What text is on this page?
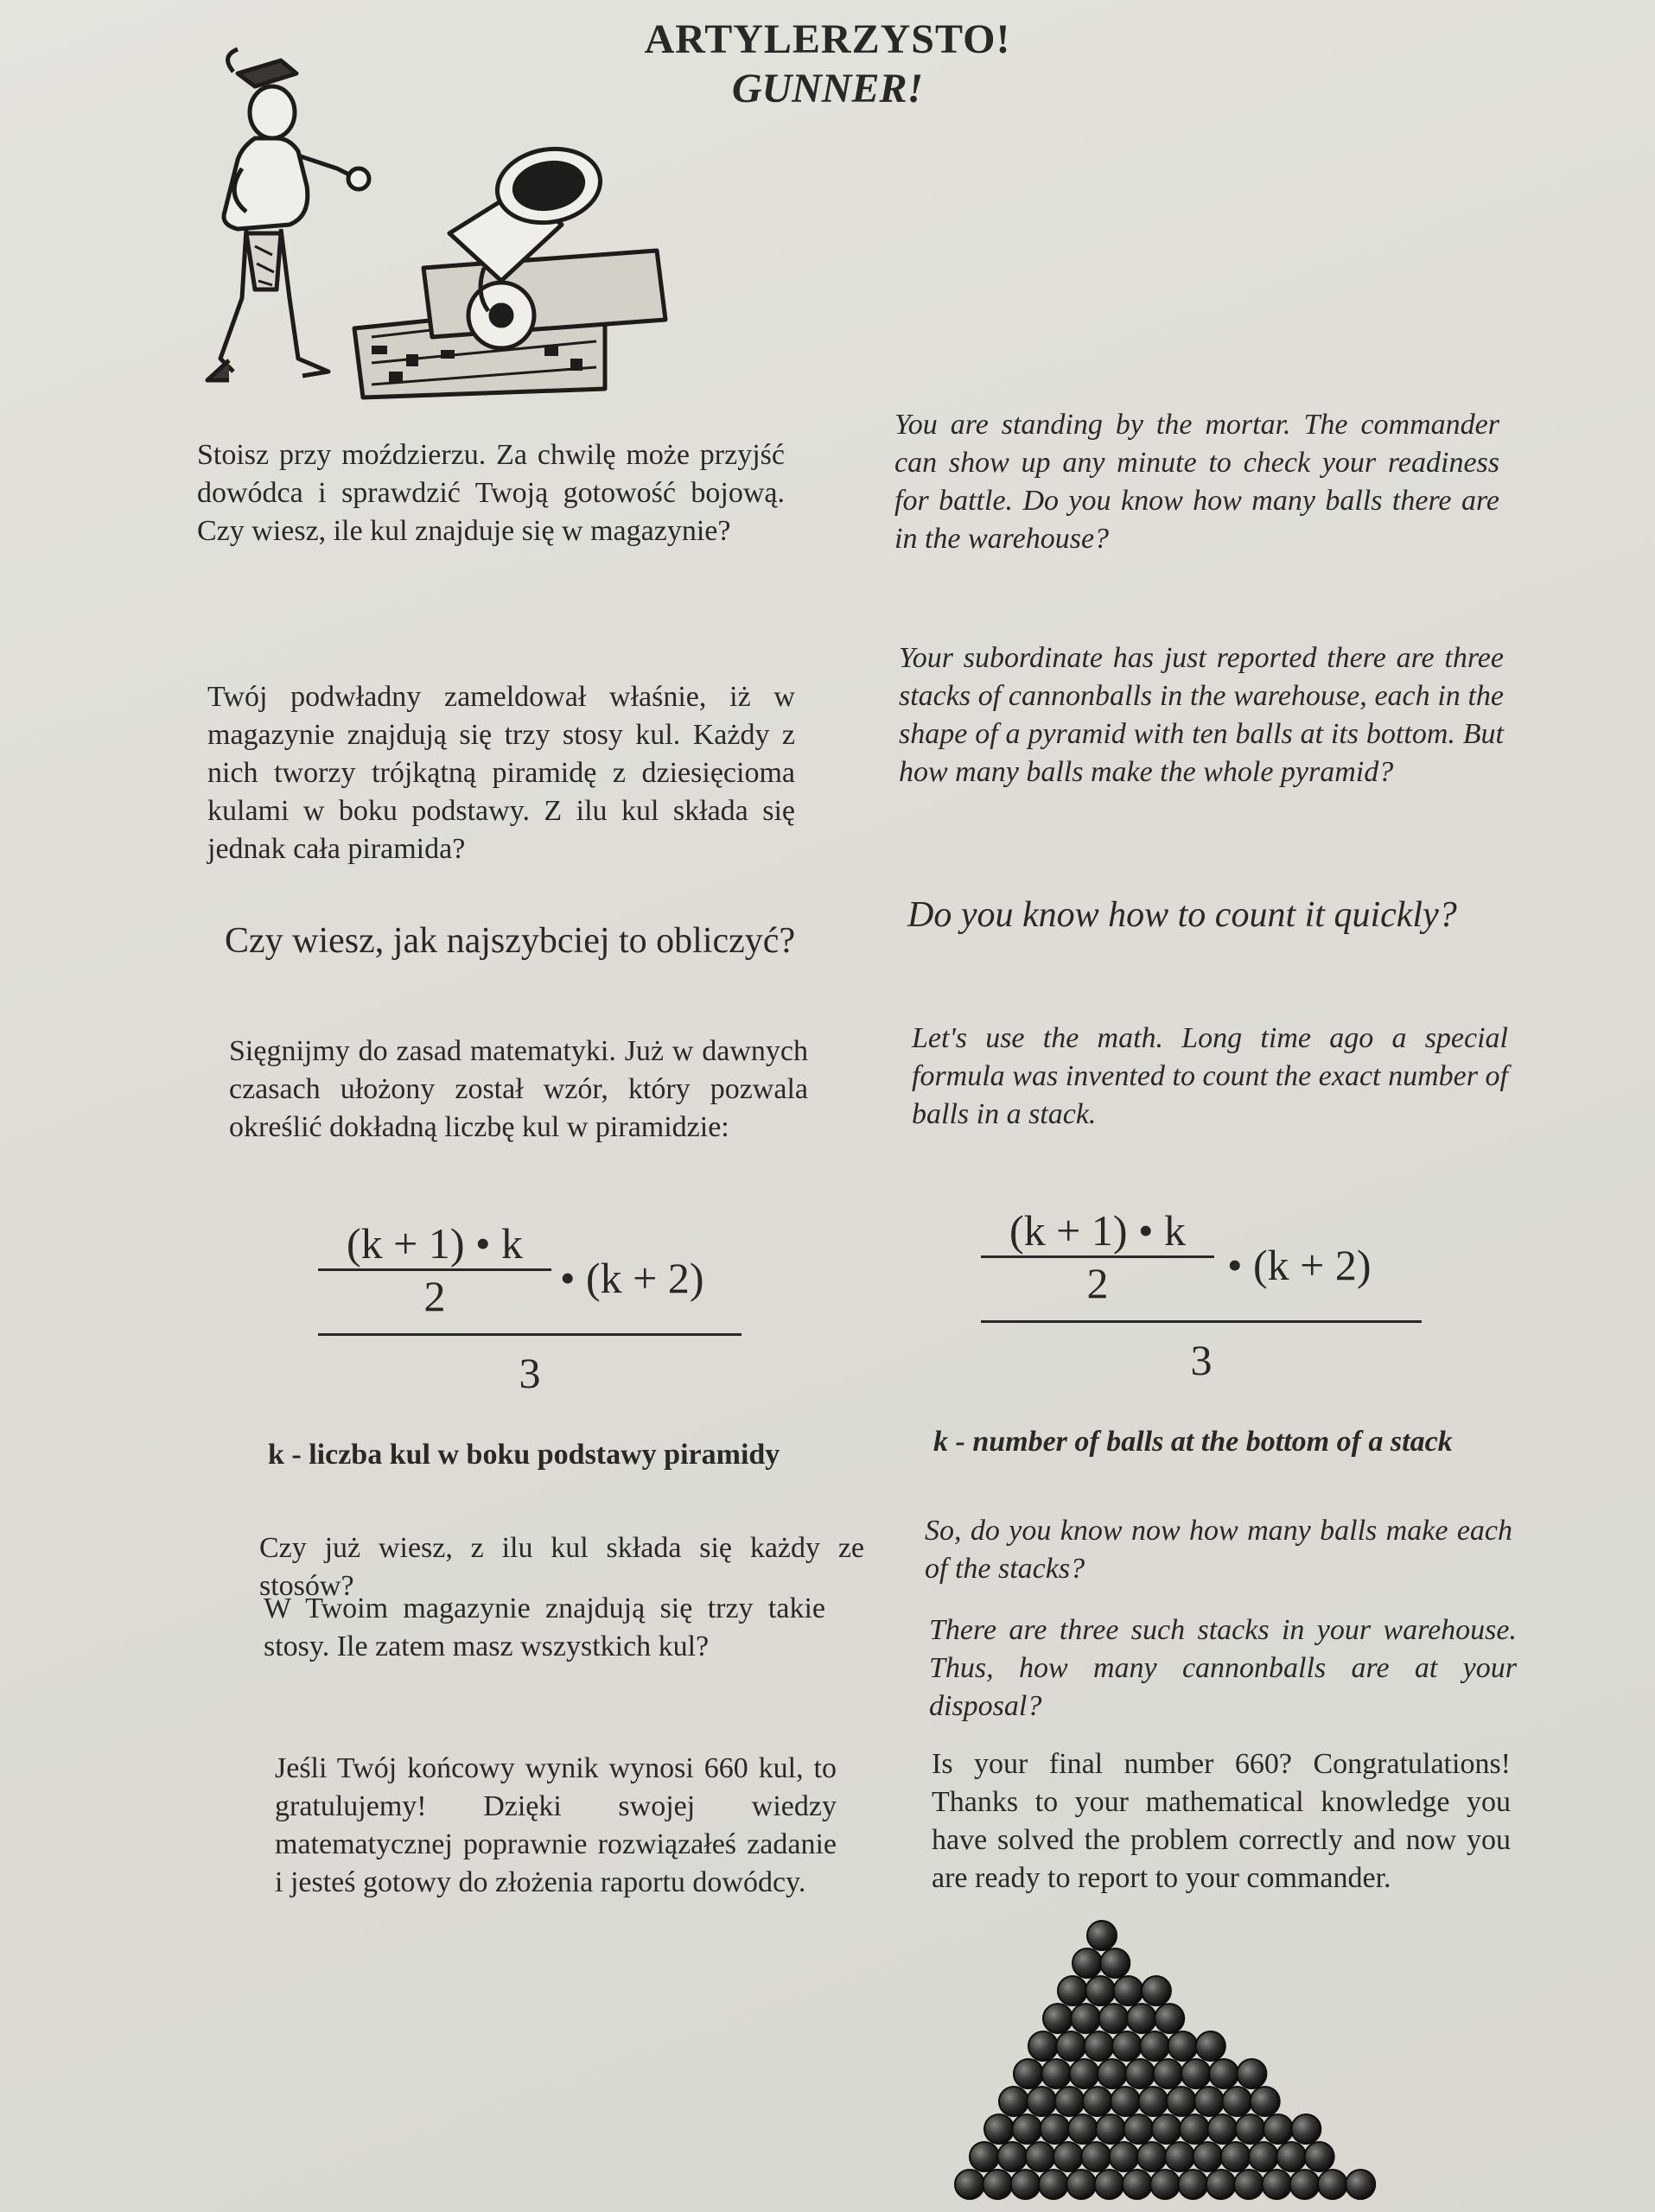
ARTYLERZYSTO!
GUNNER!
Stoisz przy moździerzu. Za chwilę może przyjść dowódca i sprawdzić Twoją gotowość bojową. Czy wiesz, ile kul znajduje się w magazynie?
Twój podwładny zameldował właśnie, iż w magazynie znajdują się trzy stosy kul. Każdy z nich tworzy trójkątną piramidę z dziesięcioma kulami w boku podstawy. Z ilu kul składa się jednak cała piramida?
Czy wiesz, jak najszybciej to obliczyć?
Sięgnijmy do zasad matematyki. Już w dawnych czasach ułożony został wzór, który pozwala określić dokładną liczbę kul w piramidzie:
(k + 1) • k
2	• (k + 2)
3
k - liczba kul w boku podstawy piramidy
Czy już wiesz, z ilu kul składa się każdy ze stosów?
W Twoim magazynie znajdują się trzy takie stosy. Ile zatem masz wszystkich kul?
Jeśli Twój końcowy wynik wynosi 660 kul, to gratulujemy! Dzięki swojej wiedzy matematycznej poprawnie rozwiązałeś zadanie i jesteś gotowy do złożenia raportu dowódcy.
You are standing by the mortar. The commander can show up any minute to check your readiness for battle. Do you know how many balls there are in the warehouse?
Your subordinate has just reported there are three stacks of cannonballs in the warehouse, each in the shape of a pyramid with ten balls at its bottom. But how many balls make the whole pyramid?
Do you know how to count it quickly?
Let's use the math. Long time ago a special formula was invented to count the exact number of balls in a stack.
(k + 1) • k
2	• (k + 2)
3
k - number of balls at the bottom of a stack
So, do you know now how many balls make each of the stacks?
There are three such stacks in your warehouse. Thus, how many cannonballs are at your disposal?
Is your final number 660? Congratulations! Thanks to your mathematical knowledge you have solved the problem correctly and now you are ready to report to your commander.
